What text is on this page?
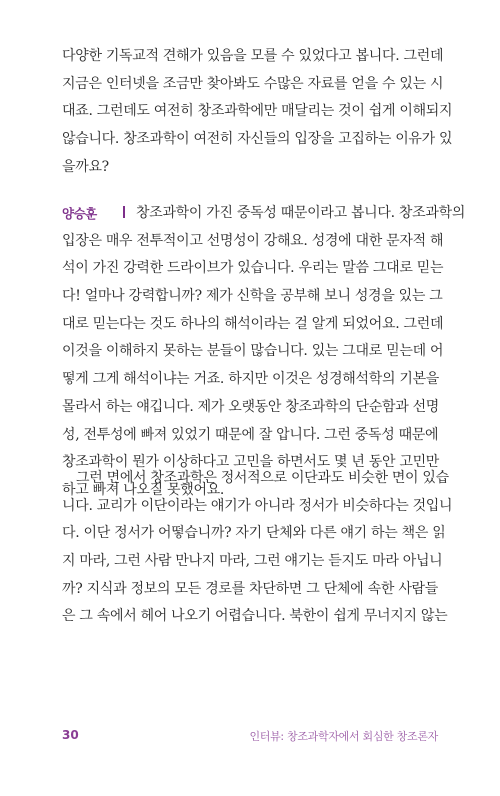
다양한 기독교적 견해가 있음을 모를 수 있었다고 봅니다. 그런데
지금은 인터넷을 조금만 찾아봐도 수많은 자료를 얻을 수 있는 시
대죠. 그런데도 여전히 창조과학에만 매달리는 것이 쉽게 이해되지
않습니다. 창조과학이 여전히 자신들의 입장을 고집하는 이유가 있
을까요?
양승훈	창조과학이 가진 중독성 때문이라고 봅니다. 창조과학의
입장은 매우 전투적이고 선명성이 강해요. 성경에 대한 문자적 해
석이 가진 강력한 드라이브가 있습니다. 우리는 말씀 그대로 믿는
다! 얼마나 강력합니까? 제가 신학을 공부해 보니 성경을 있는 그
대로 믿는다는 것도 하나의 해석이라는 걸 알게 되었어요. 그런데
이것을 이해하지 못하는 분들이 많습니다. 있는 그대로 믿는데 어
떻게 그게 해석이냐는 거죠. 하지만 이것은 성경해석학의 기본을
몰라서 하는 얘깁니다. 제가 오랫동안 창조과학의 단순함과 선명
성, 전투성에 빠져 있었기 때문에 잘 압니다. 그런 중독성 때문에
창조과학이 뭔가 이상하다고 고민을 하면서도 몇 년 동안 고민만
하고 빠져 나오질 못했어요.
그런 면에서 창조과학은 정서적으로 이단과도 비슷한 면이 있습
니다. 교리가 이단이라는 얘기가 아니라 정서가 비슷하다는 것입니
다. 이단 정서가 어떻습니까? 자기 단체와 다른 얘기 하는 책은 읽
지 마라, 그런 사람 만나지 마라, 그런 얘기는 듣지도 마라 아닙니
까? 지식과 정보의 모든 경로를 차단하면 그 단체에 속한 사람들
은 그 속에서 헤어 나오기 어렵습니다. 북한이 쉽게 무너지지 않는
30	인터뷰: 창조과학자에서 회심한 창조론자
